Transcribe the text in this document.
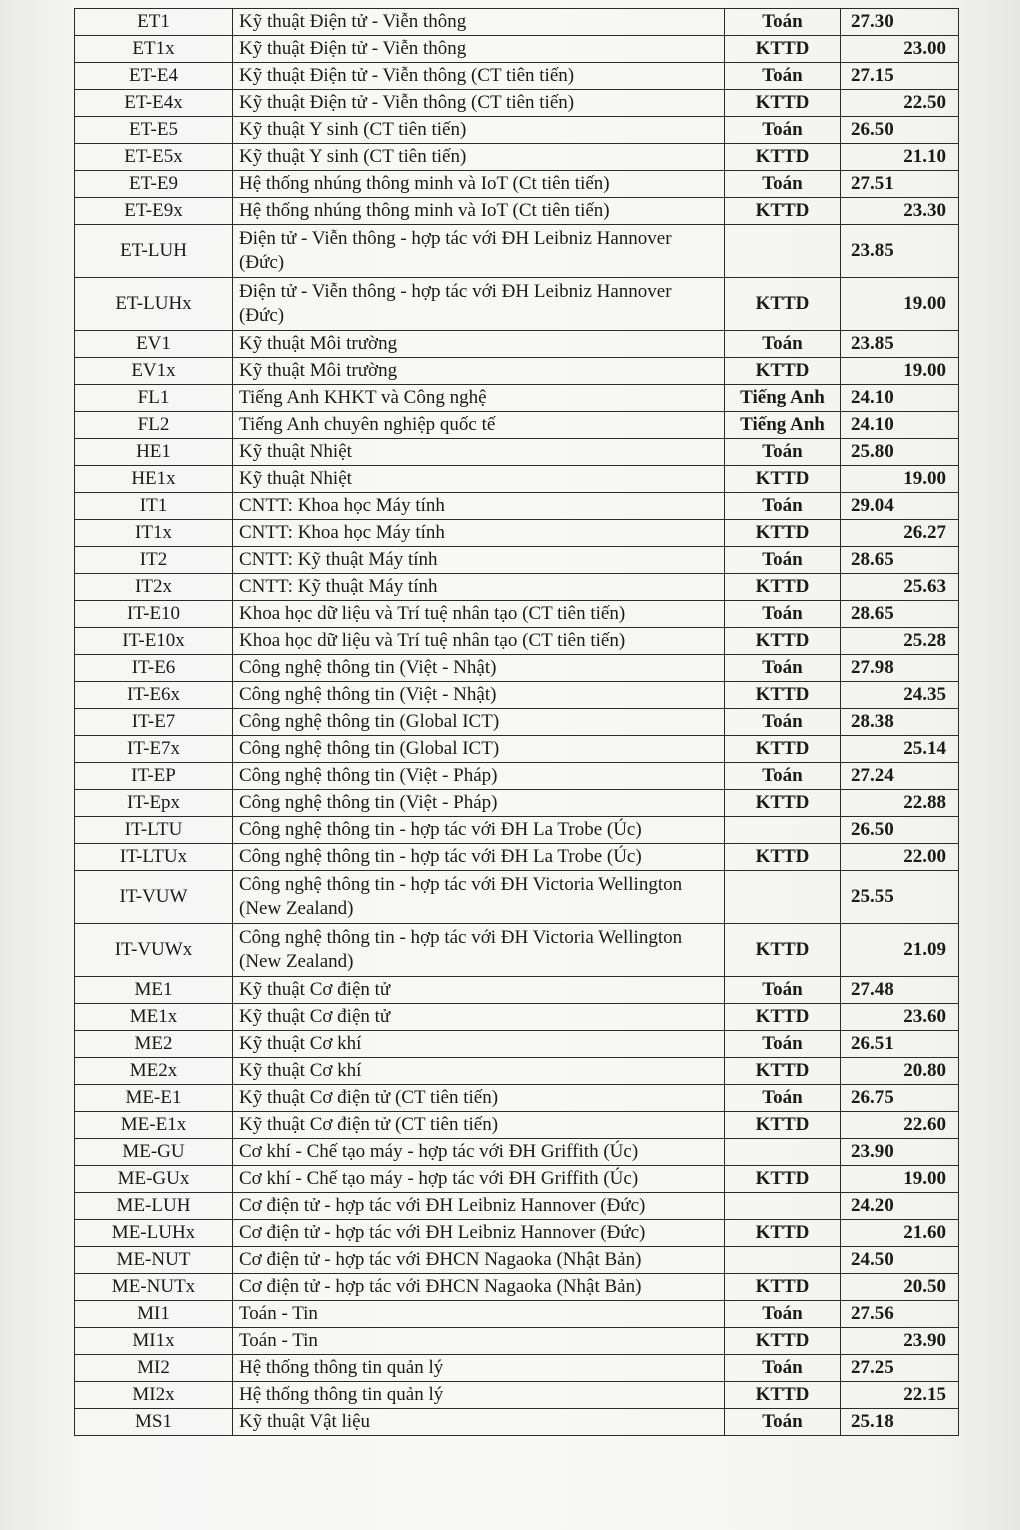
ET1	Kỹ thuật Điện tử - Viễn thông	Toán	27.30
ET1x	Kỹ thuật Điện tử - Viễn thông	KTTD	23.00
ET-E4	Kỹ thuật Điện tử - Viễn thông (CT tiên tiến)	Toán	27.15
ET-E4x	Kỹ thuật Điện tử - Viễn thông (CT tiên tiến)	KTTD	22.50
ET-E5	Kỹ thuật Y sinh (CT tiên tiến)	Toán	26.50
ET-E5x	Kỹ thuật Y sinh (CT tiên tiến)	KTTD	21.10
ET-E9	Hệ thống nhúng thông minh và IoT (Ct tiên tiến)	Toán	27.51
ET-E9x	Hệ thống nhúng thông minh và IoT (Ct tiên tiến)	KTTD	23.30
ET-LUH	Điện tử - Viễn thông - hợp tác với ĐH Leibniz Hannover (Đức)		23.85
ET-LUHx	Điện tử - Viễn thông - hợp tác với ĐH Leibniz Hannover (Đức)	KTTD	19.00
EV1	Kỹ thuật Môi trường	Toán	23.85
EV1x	Kỹ thuật Môi trường	KTTD	19.00
FL1	Tiếng Anh KHKT và Công nghệ	Tiếng Anh	24.10
FL2	Tiếng Anh chuyên nghiệp quốc tế	Tiếng Anh	24.10
HE1	Kỹ thuật Nhiệt	Toán	25.80
HE1x	Kỹ thuật Nhiệt	KTTD	19.00
IT1	CNTT: Khoa học Máy tính	Toán	29.04
IT1x	CNTT: Khoa học Máy tính	KTTD	26.27
IT2	CNTT: Kỹ thuật Máy tính	Toán	28.65
IT2x	CNTT: Kỹ thuật Máy tính	KTTD	25.63
IT-E10	Khoa học dữ liệu và Trí tuệ nhân tạo (CT tiên tiến)	Toán	28.65
IT-E10x	Khoa học dữ liệu và Trí tuệ nhân tạo (CT tiên tiến)	KTTD	25.28
IT-E6	Công nghệ thông tin (Việt - Nhật)	Toán	27.98
IT-E6x	Công nghệ thông tin (Việt - Nhật)	KTTD	24.35
IT-E7	Công nghệ thông tin (Global ICT)	Toán	28.38
IT-E7x	Công nghệ thông tin (Global ICT)	KTTD	25.14
IT-EP	Công nghệ thông tin (Việt - Pháp)	Toán	27.24
IT-Epx	Công nghệ thông tin (Việt - Pháp)	KTTD	22.88
IT-LTU	Công nghệ thông tin - hợp tác với ĐH La Trobe (Úc)		26.50
IT-LTUx	Công nghệ thông tin - hợp tác với ĐH La Trobe (Úc)	KTTD	22.00
IT-VUW	Công nghệ thông tin - hợp tác với ĐH Victoria Wellington (New Zealand)		25.55
IT-VUWx	Công nghệ thông tin - hợp tác với ĐH Victoria Wellington (New Zealand)	KTTD	21.09
ME1	Kỹ thuật Cơ điện tử	Toán	27.48
ME1x	Kỹ thuật Cơ điện tử	KTTD	23.60
ME2	Kỹ thuật Cơ khí	Toán	26.51
ME2x	Kỹ thuật Cơ khí	KTTD	20.80
ME-E1	Kỹ thuật Cơ điện tử (CT tiên tiến)	Toán	26.75
ME-E1x	Kỹ thuật Cơ điện tử (CT tiên tiến)	KTTD	22.60
ME-GU	Cơ khí - Chế tạo máy - hợp tác với ĐH Griffith (Úc)		23.90
ME-GUx	Cơ khí - Chế tạo máy - hợp tác với ĐH Griffith (Úc)	KTTD	19.00
ME-LUH	Cơ điện tử - hợp tác với ĐH Leibniz Hannover (Đức)		24.20
ME-LUHx	Cơ điện tử - hợp tác với ĐH Leibniz Hannover (Đức)	KTTD	21.60
ME-NUT	Cơ điện tử - hợp tác với ĐHCN Nagaoka (Nhật Bản)		24.50
ME-NUTx	Cơ điện tử - hợp tác với ĐHCN Nagaoka (Nhật Bản)	KTTD	20.50
MI1	Toán - Tin	Toán	27.56
MI1x	Toán - Tin	KTTD	23.90
MI2	Hệ thống thông tin quản lý	Toán	27.25
MI2x	Hệ thống thông tin quản lý	KTTD	22.15
MS1	Kỹ thuật Vật liệu	Toán	25.18
